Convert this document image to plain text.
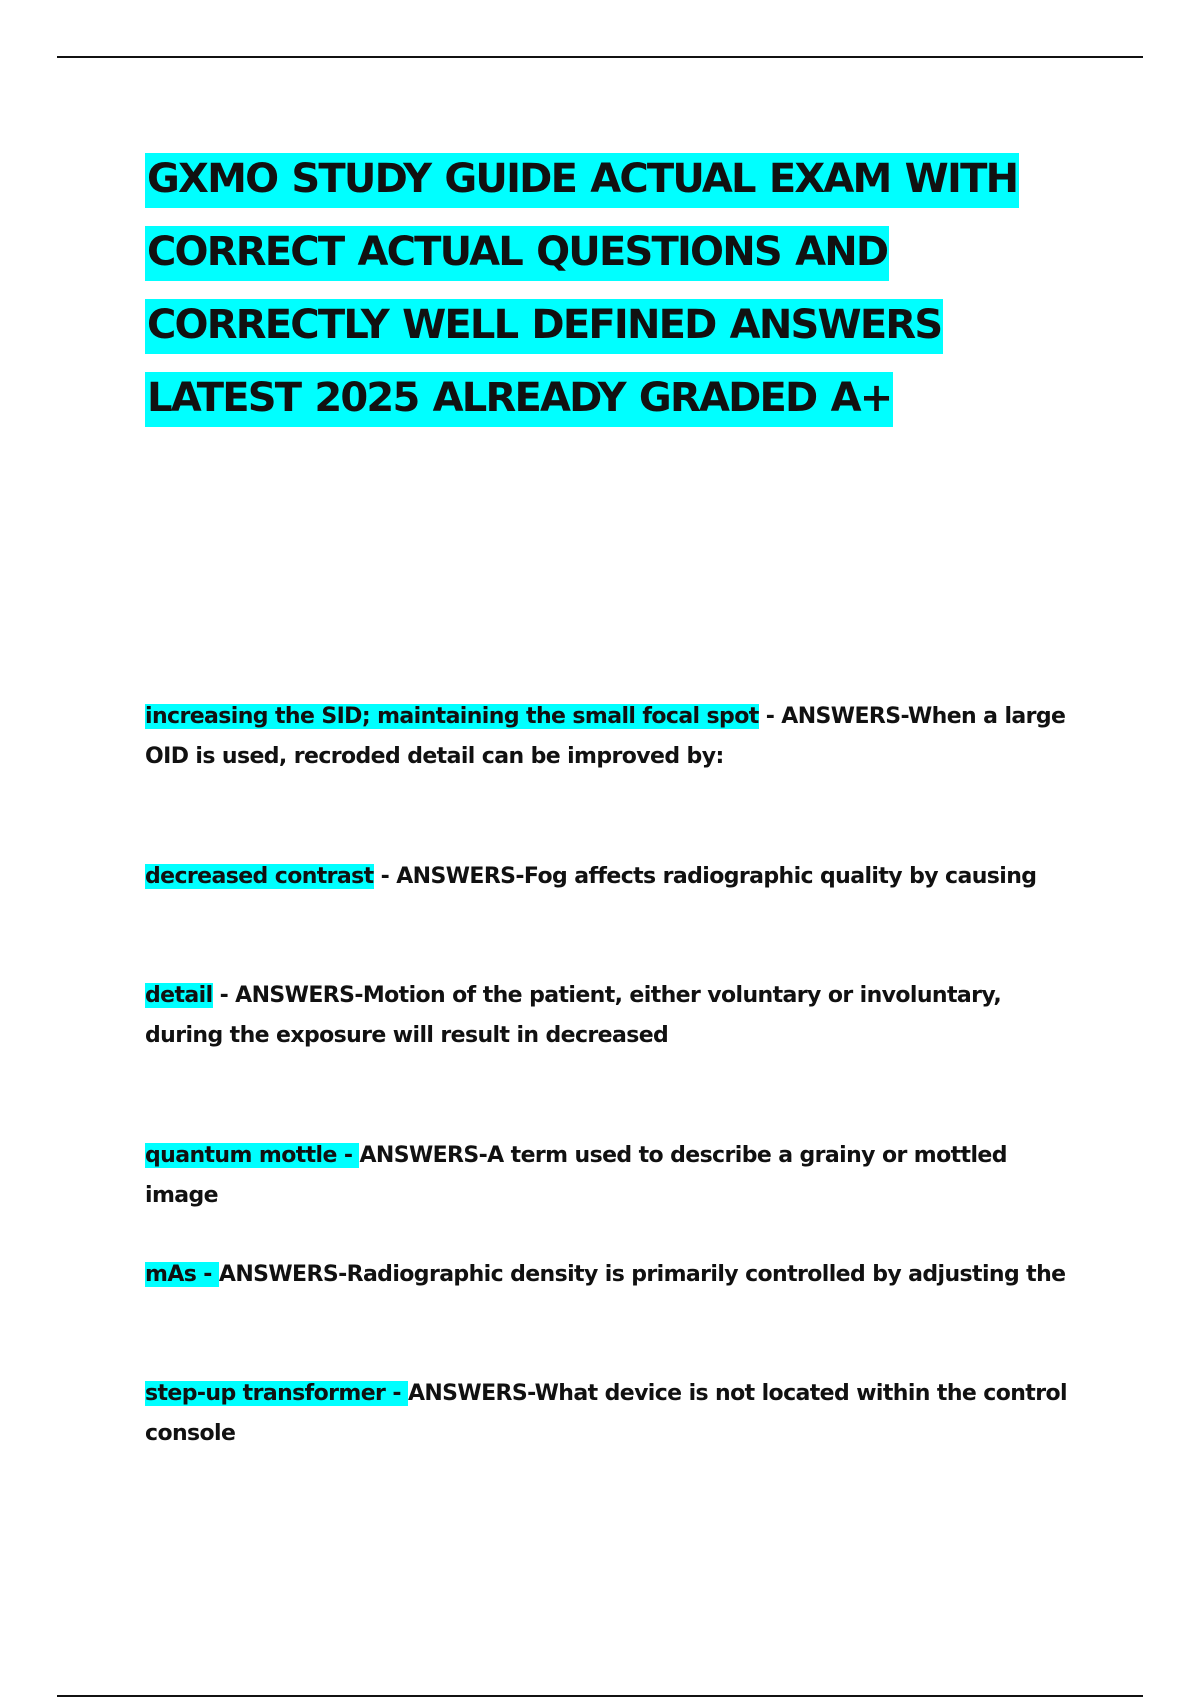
GXMO STUDY GUIDE ACTUAL EXAM WITH
CORRECT ACTUAL QUESTIONS AND
CORRECTLY WELL DEFINED ANSWERS
LATEST 2025 ALREADY GRADED A+

increasing the SID; maintaining the small focal spot - ANSWERS-When a large OID is used, recroded detail can be improved by:

decreased contrast - ANSWERS-Fog affects radiographic quality by causing

detail - ANSWERS-Motion of the patient, either voluntary or involuntary, during the exposure will result in decreased

quantum mottle - ANSWERS-A term used to describe a grainy or mottled image

mAs - ANSWERS-Radiographic density is primarily controlled by adjusting the

step-up transformer - ANSWERS-What device is not located within the control console
